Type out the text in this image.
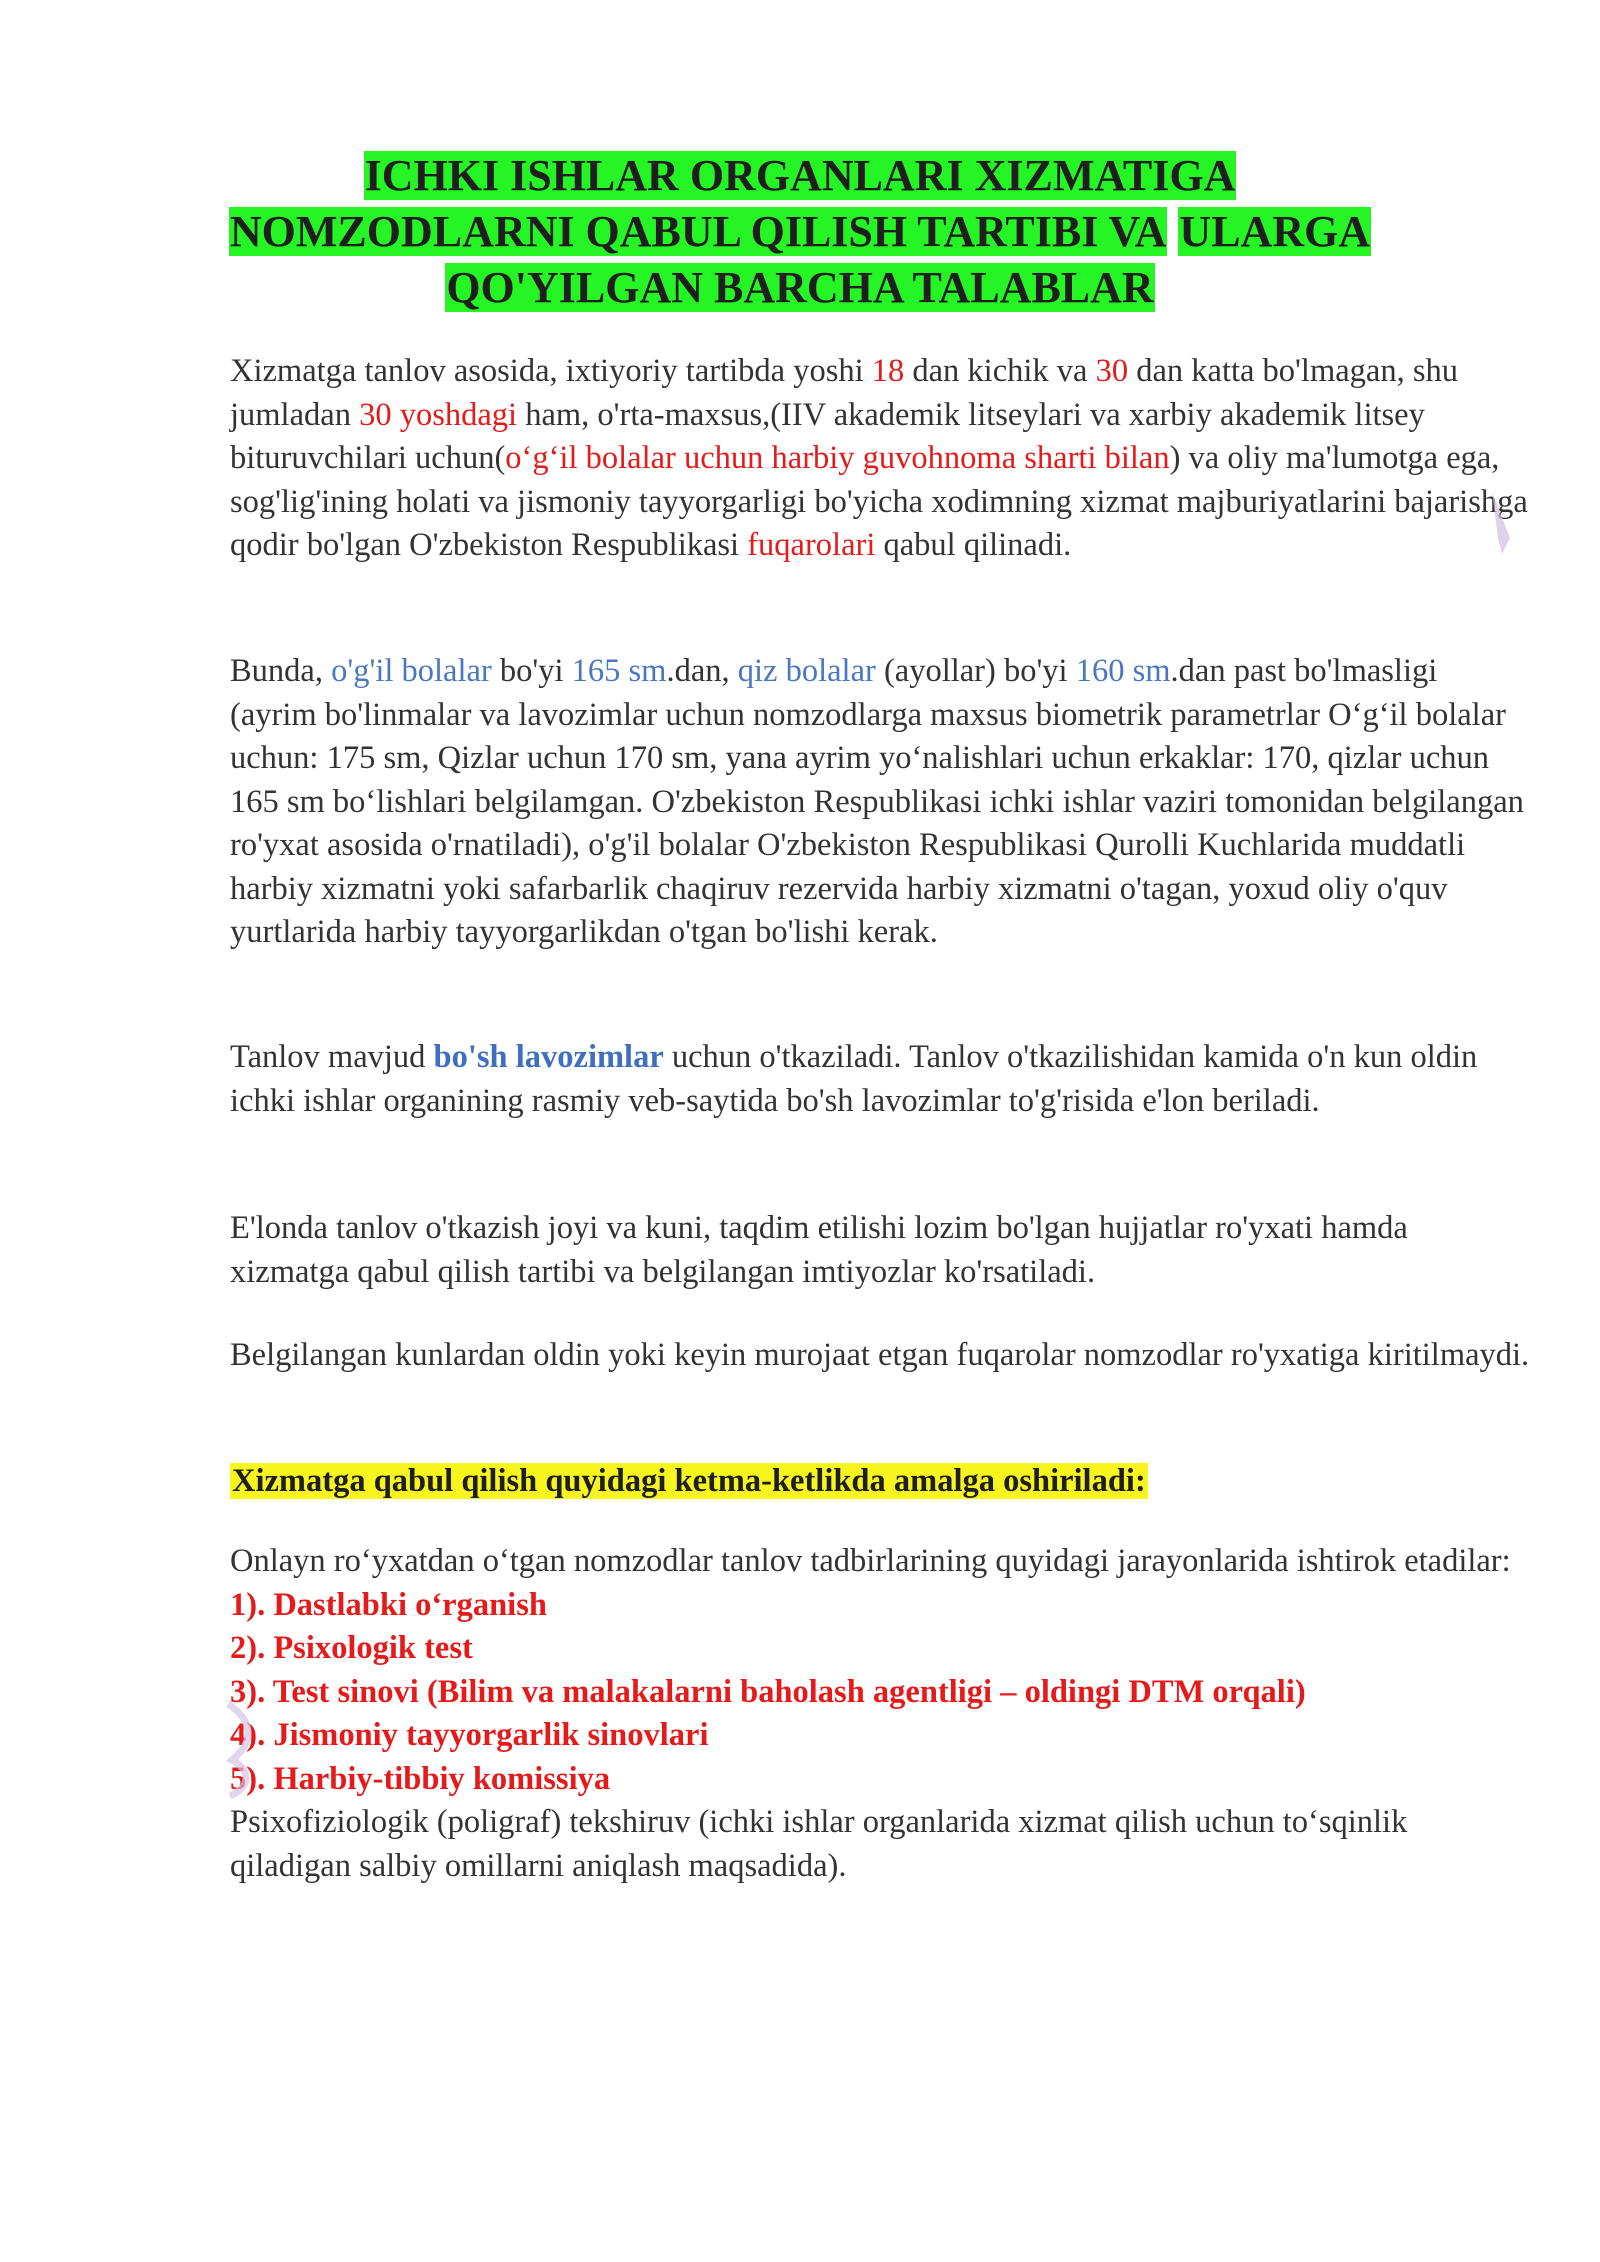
ICHKI ISHLAR ORGANLARI XIZMATIGA
NOMZODLARNI QABUL QILISH TARTIBI VA ULARGA
QO'YILGAN BARCHA TALABLAR

Xizmatga tanlov asosida, ixtiyoriy tartibda yoshi 18 dan kichik va 30 dan katta bo'lmagan, shu jumladan 30 yoshdagi ham, o'rta-maxsus,(IIV akademik litseylari va xarbiy akademik litsey bituruvchilari uchun(o‘g‘il bolalar uchun harbiy guvohnoma sharti bilan) va oliy ma'lumotga ega, sog'lig'ining holati va jismoniy tayyorgarligi bo'yicha xodimning xizmat majburiyatlarini bajarishga qodir bo'lgan O'zbekiston Respublikasi fuqarolari qabul qilinadi.

Bunda, o'g'il bolalar bo'yi 165 sm.dan, qiz bolalar (ayollar) bo'yi 160 sm.dan past bo'lmasligi (ayrim bo'linmalar va lavozimlar uchun nomzodlarga maxsus biometrik parametrlar O‘g‘il bolalar uchun: 175 sm, Qizlar uchun 170 sm, yana ayrim yo‘nalishlari uchun erkaklar: 170, qizlar uchun 165 sm bo‘lishlari belgilamgan. O'zbekiston Respublikasi ichki ishlar vaziri tomonidan belgilangan ro'yxat asosida o'rnatiladi), o'g'il bolalar O'zbekiston Respublikasi Qurolli Kuchlarida muddatli harbiy xizmatni yoki safarbarlik chaqiruv rezervida harbiy xizmatni o'tagan, yoxud oliy o'quv yurtlarida harbiy tayyorgarlikdan o'tgan bo'lishi kerak.

Tanlov mavjud bo'sh lavozimlar uchun o'tkaziladi. Tanlov o'tkazilishidan kamida o'n kun oldin ichki ishlar organining rasmiy veb-saytida bo'sh lavozimlar to'g'risida e'lon beriladi.

E'londa tanlov o'tkazish joyi va kuni, taqdim etilishi lozim bo'lgan hujjatlar ro'yxati hamda xizmatga qabul qilish tartibi va belgilangan imtiyozlar ko'rsatiladi.

Belgilangan kunlardan oldin yoki keyin murojaat etgan fuqarolar nomzodlar ro'yxatiga kiritilmaydi.

Xizmatga qabul qilish quyidagi ketma-ketlikda amalga oshiriladi:

Onlayn ro‘yxatdan o‘tgan nomzodlar tanlov tadbirlarining quyidagi jarayonlarida ishtirok etadilar:

1). Dastlabki o‘rganish

2). Psixologik test

3). Test sinovi (Bilim va malakalarni baholash agentligi – oldingi DTM orqali)

4). Jismoniy tayyorgarlik sinovlari

5). Harbiy-tibbiy komissiya

Psixofiziologik (poligraf) tekshiruv (ichki ishlar organlarida xizmat qilish uchun to‘sqinlik qiladigan salbiy omillarni aniqlash maqsadida).
